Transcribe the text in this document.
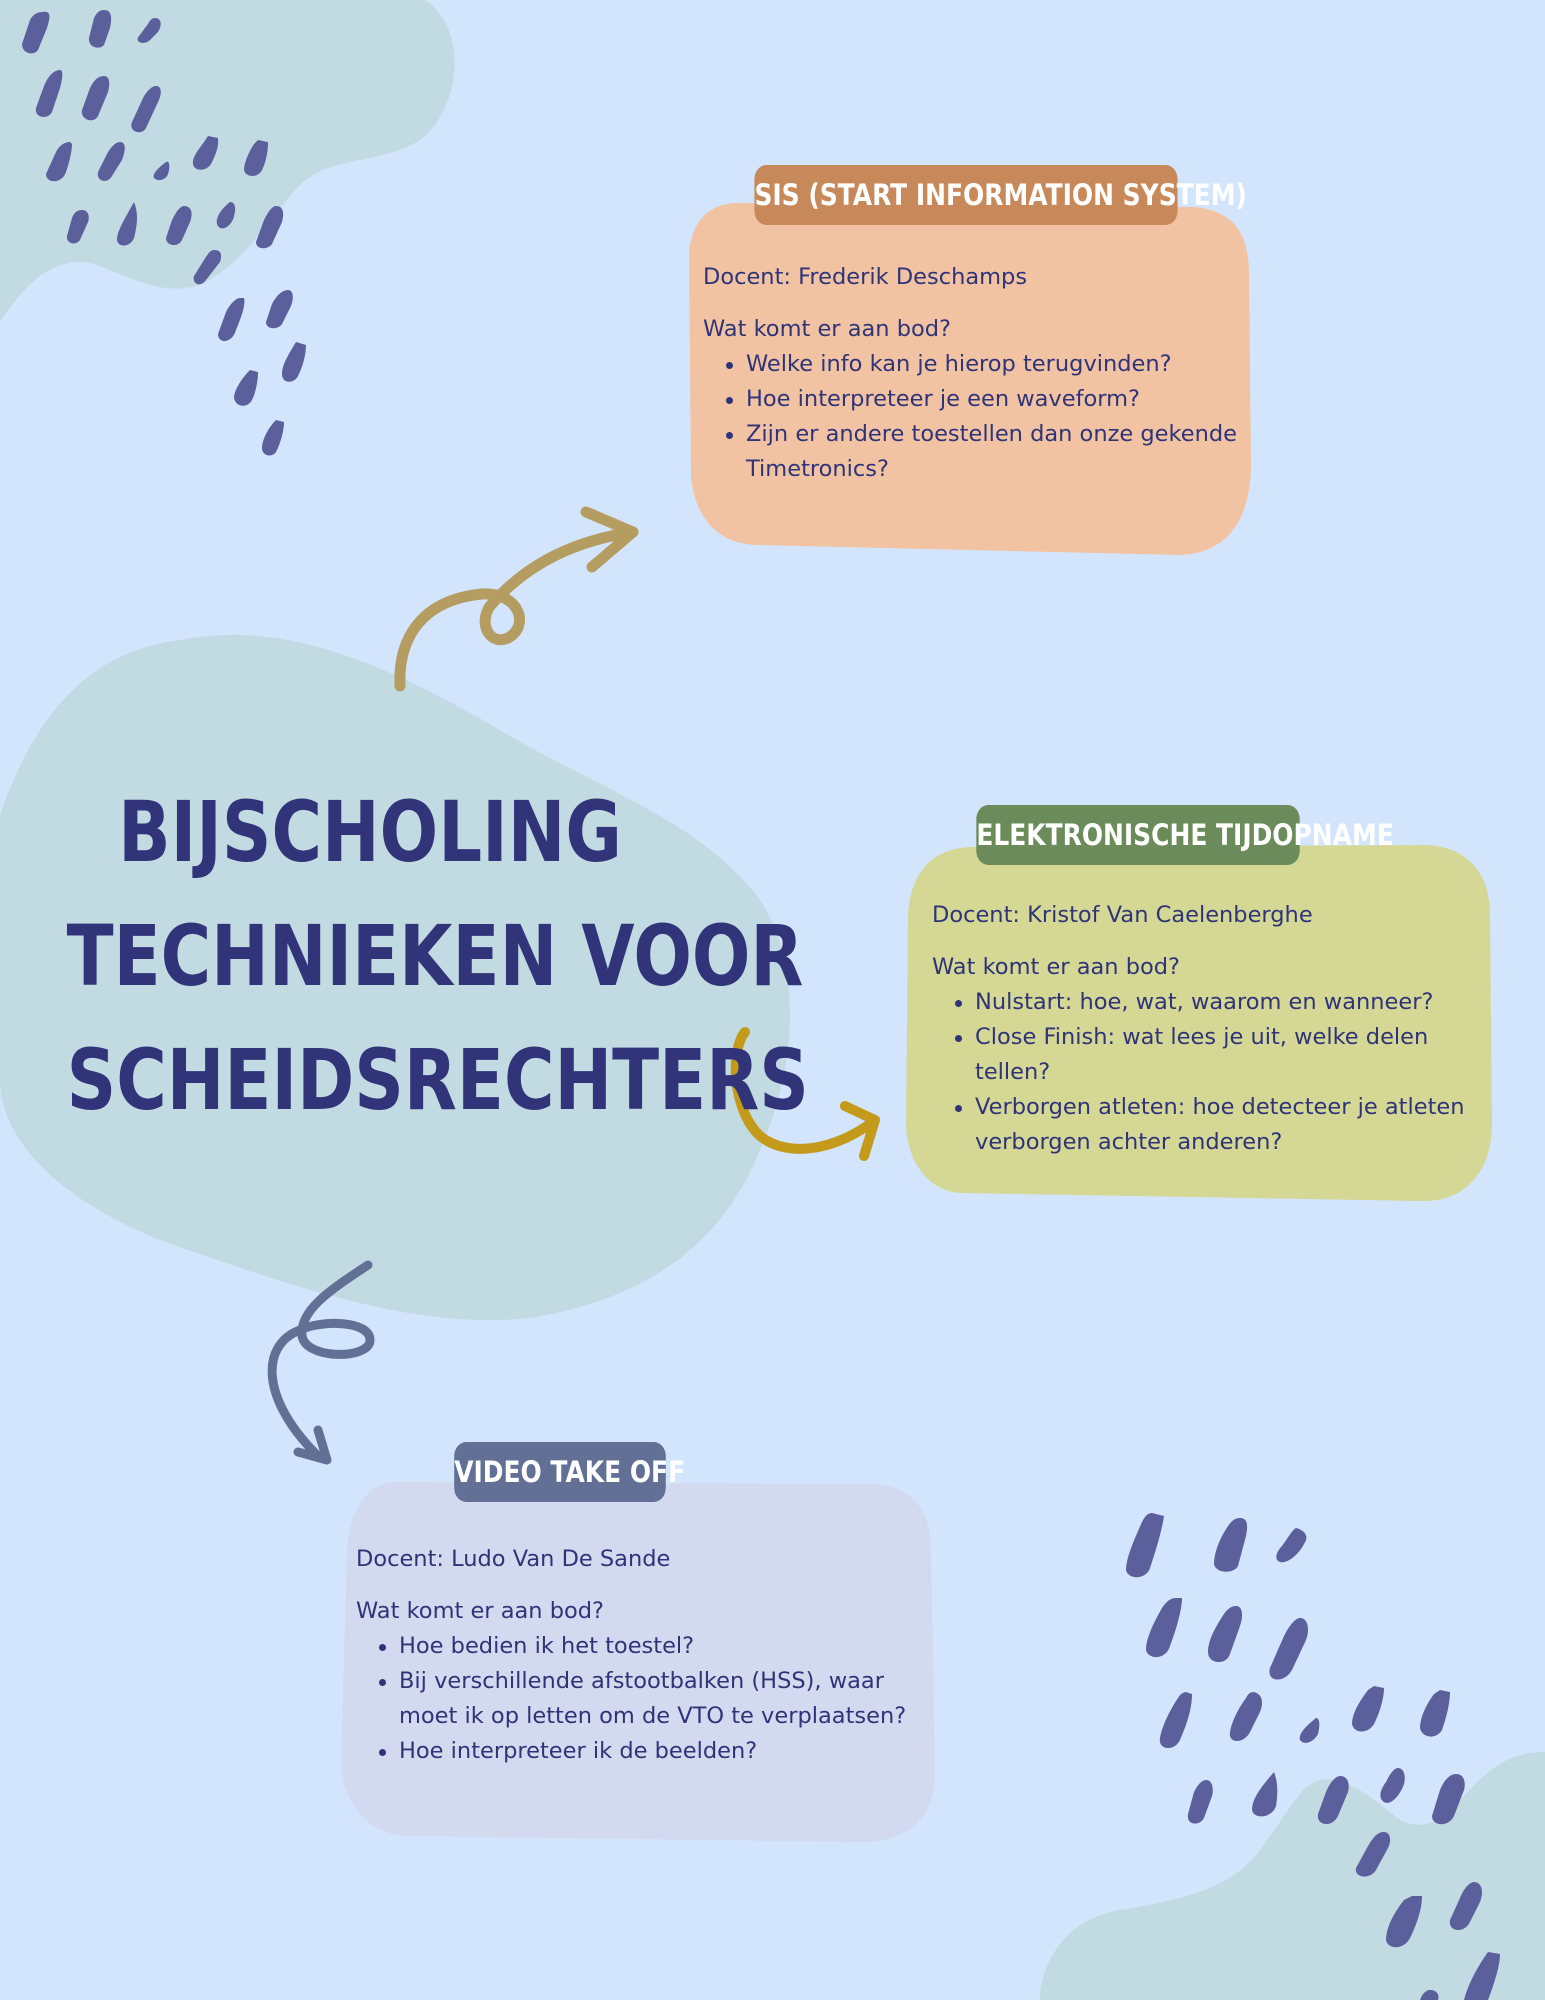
BIJSCHOLING
TECHNIEKEN VOOR
SCHEIDSRECHTERS
SIS (START INFORMATION SYSTEM)

Docent: Frederik Deschamps

Wat komt er aan bod?

Welke info kan je hierop terugvinden?
Hoe interpreteer je een waveform?
Zijn er andere toestellen dan onze gekende Timetronics?
ELEKTRONISCHE TIJDOPNAME

Docent: Kristof Van Caelenberghe

Wat komt er aan bod?

Nulstart: hoe, wat, waarom en wanneer?
Close Finish: wat lees je uit, welke delen tellen?
Verborgen atleten: hoe detecteer je atleten verborgen achter anderen?
VIDEO TAKE OFF

Docent: Ludo Van De Sande

Wat komt er aan bod?

Hoe bedien ik het toestel?
Bij verschillende afstootbalken (HSS), waar moet ik op letten om de VTO te verplaatsen?
Hoe interpreteer ik de beelden?
